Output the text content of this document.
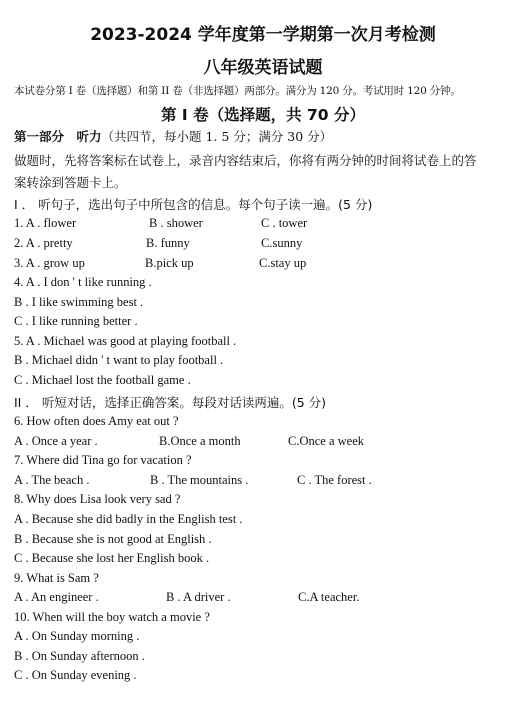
2023-2024 学年度第一学期第一次月考检测
八年级英语试题
本试卷分第 I 卷（选择题）和第 II 卷（非选择题）两部分。满分为 120 分。考试用时 120 分钟。
第 I 卷（选择题，共 70 分）
第一部分　听力（共四节，每小题 1. 5 分；满分 30 分）
做题时，先将答案标在试卷上，录音内容结束后，你将有两分钟的时间将试卷上的答
案转涂到答题卡上。
I ． 听句子，选出句子中所包含的信息。每个句子读一遍。(5 分)
1. A . flower	B . shower	C . tower
2. A . pretty	B. funny	C.sunny
3. A . grow up	B.pick up	C.stay up
4. A . I don ' t like running .
B . I like swimming best .
C . I like running better .
5. A . Michael was good at playing football .
B . Michael didn ' t want to play football .
C . Michael lost the football game .
II ． 听短对话，选择正确答案。每段对话读两遍。(5 分)
6. How often does Amy eat out ?
A . Once a year .	B.Once a month	C.Once a week
7. Where did Tina go for vacation ?
A . The beach .	B . The mountains .	C . The forest .
8. Why does Lisa look very sad ?
A . Because she did badly in the English test .
B . Because she is not good at English .
C . Because she lost her English book .
9. What is Sam ?
A . An engineer .	B . A driver .	C.A teacher.
10. When will the boy watch a movie ?
A . On Sunday morning .
B . On Sunday afternoon .
C . On Sunday evening .
